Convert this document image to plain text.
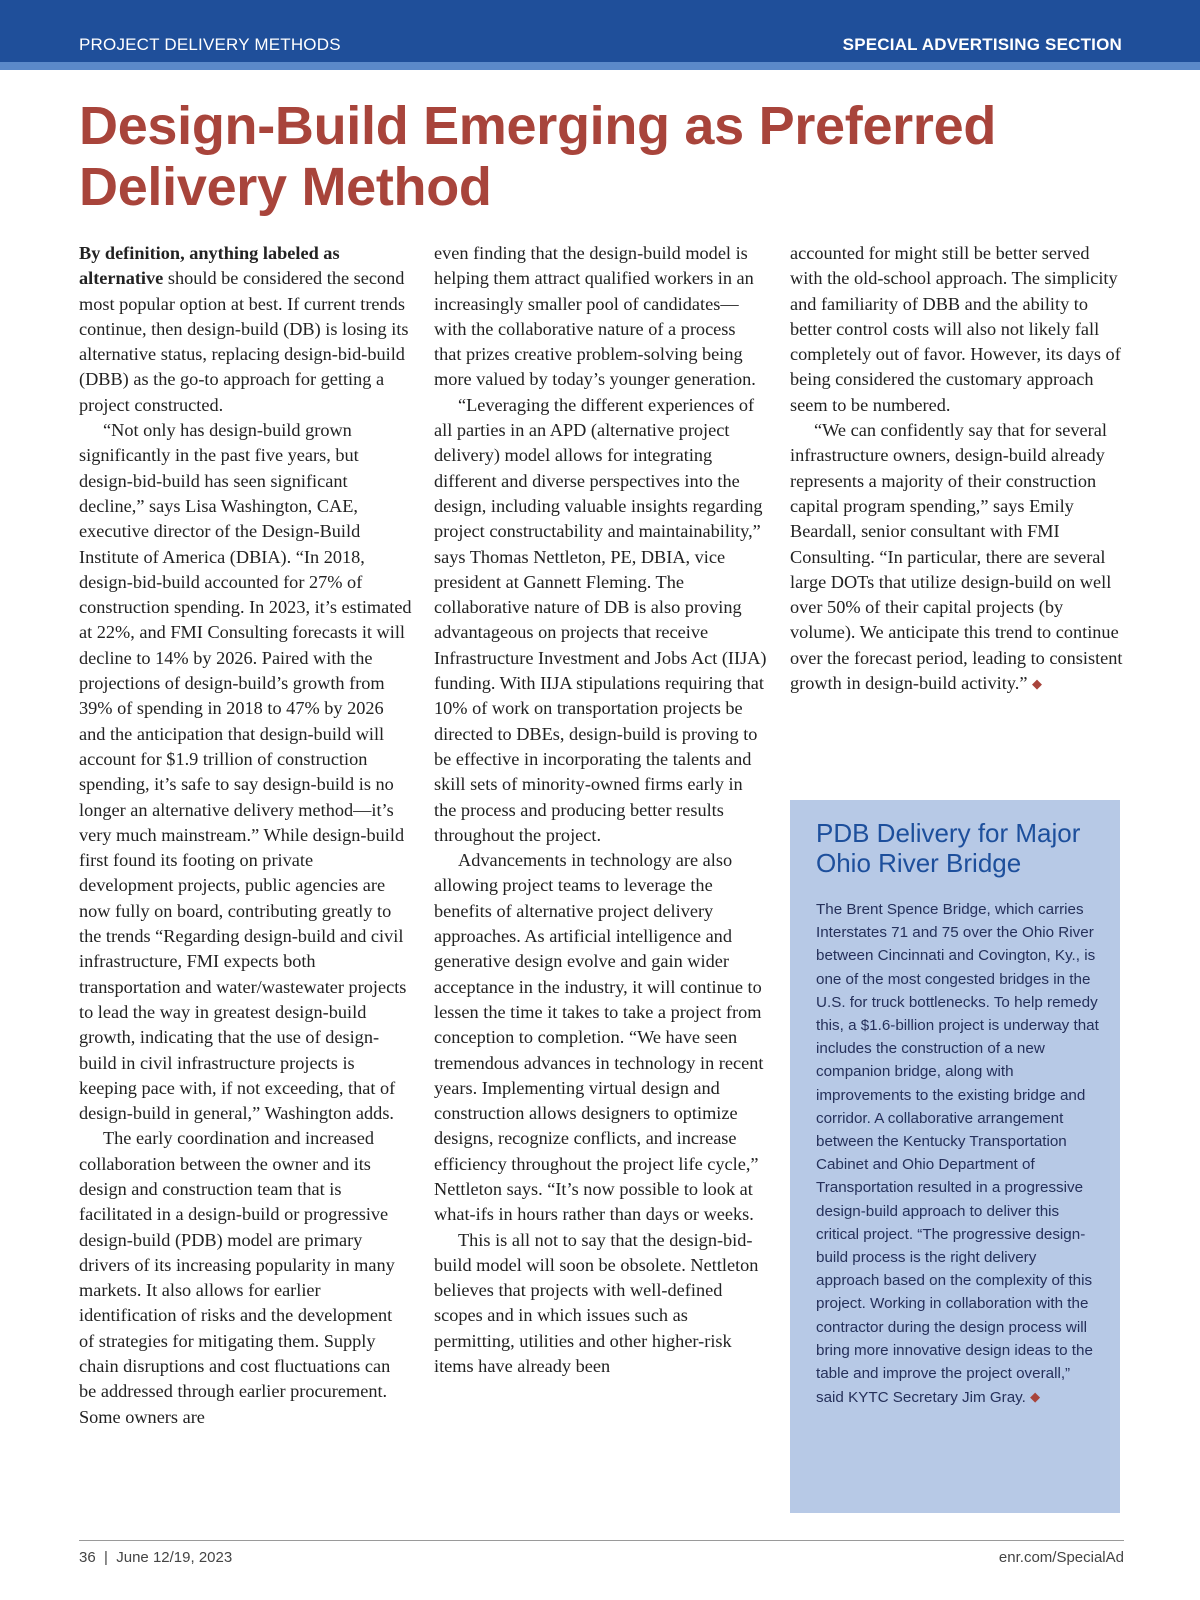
PROJECT DELIVERY METHODS	SPECIAL ADVERTISING SECTION
Design-Build Emerging as Preferred Delivery Method

By definition, anything labeled as alternative should be considered the second most popular option at best. If current trends continue, then design-build (DB) is losing its alternative status, replacing design-bid-build (DBB) as the go-to approach for getting a project constructed.

“Not only has design-build grown significantly in the past five years, but design-bid-build has seen significant decline,” says Lisa Washington, CAE, executive director of the Design-Build Institute of America (DBIA). “In 2018, design-bid-build accounted for 27% of construction spending. In 2023, it’s estimated at 22%, and FMI Consulting forecasts it will decline to 14% by 2026. Paired with the projections of design-build’s growth from 39% of spending in 2018 to 47% by 2026 and the anticipation that design-build will account for $1.9 trillion of construction spending, it’s safe to say design-build is no longer an alternative delivery method—it’s very much mainstream.” While design-build first found its footing on private development projects, public agencies are now fully on board, contributing greatly to the trends “Regarding design-build and civil infrastructure, FMI expects both transportation and water/wastewater projects to lead the way in greatest design-build growth, indicating that the use of design-build in civil infrastructure projects is keeping pace with, if not exceeding, that of design-build in general,” Washington adds.

The early coordination and increased collaboration between the owner and its design and construction team that is facilitated in a design-build or progressive design-build (PDB) model are primary drivers of its increasing popularity in many markets. It also allows for earlier identification of risks and the development of strategies for mitigating them. Supply chain disruptions and cost fluctuations can be addressed through earlier procurement. Some owners are

even finding that the design-build model is helping them attract qualified workers in an increasingly smaller pool of candidates—with the collaborative nature of a process that prizes creative problem-solving being more valued by today’s younger generation.

“Leveraging the different experiences of all parties in an APD (alternative project delivery) model allows for integrating different and diverse perspectives into the design, including valuable insights regarding project constructability and maintainability,” says Thomas Nettleton, PE, DBIA, vice president at Gannett Fleming. The collaborative nature of DB is also proving advantageous on projects that receive Infrastructure Investment and Jobs Act (IIJA) funding. With IIJA stipulations requiring that 10% of work on transportation projects be directed to DBEs, design-build is proving to be effective in incorporating the talents and skill sets of minority-owned firms early in the process and producing better results throughout the project.

Advancements in technology are also allowing project teams to leverage the benefits of alternative project delivery approaches. As artificial intelligence and generative design evolve and gain wider acceptance in the industry, it will continue to lessen the time it takes to take a project from conception to completion. “We have seen tremendous advances in technology in recent years. Implementing virtual design and construction allows designers to optimize designs, recognize conflicts, and increase efficiency throughout the project life cycle,” Nettleton says. “It’s now possible to look at what-ifs in hours rather than days or weeks.

This is all not to say that the design-bid-build model will soon be obsolete. Nettleton believes that projects with well-defined scopes and in which issues such as permitting, utilities and other higher-risk items have already been

accounted for might still be better served with the old-school approach. The simplicity and familiarity of DBB and the ability to better control costs will also not likely fall completely out of favor. However, its days of being considered the customary approach seem to be numbered.

“We can confidently say that for several infrastructure owners, design-build already represents a majority of their construction capital program spending,” says Emily Beardall, senior consultant with FMI Consulting. “In particular, there are several large DOTs that utilize design-build on well over 50% of their capital projects (by volume). We anticipate this trend to continue over the forecast period, leading to consistent growth in design-build activity.” ◆

PDB Delivery for Major Ohio River Bridge

The Brent Spence Bridge, which carries Interstates 71 and 75 over the Ohio River between Cincinnati and Covington, Ky., is one of the most congested bridges in the U.S. for truck bottlenecks. To help remedy this, a $1.6-billion project is underway that includes the construction of a new companion bridge, along with improvements to the existing bridge and corridor. A collaborative arrangement between the Kentucky Transportation Cabinet and Ohio Department of Transportation resulted in a progressive design-build approach to deliver this critical project. “The progressive design-build process is the right delivery approach based on the complexity of this project. Working in collaboration with the contractor during the design process will bring more innovative design ideas to the table and improve the project overall,” said KYTC Secretary Jim Gray. ◆

36  |  June 12/19, 2023	enr.com/SpecialAd
